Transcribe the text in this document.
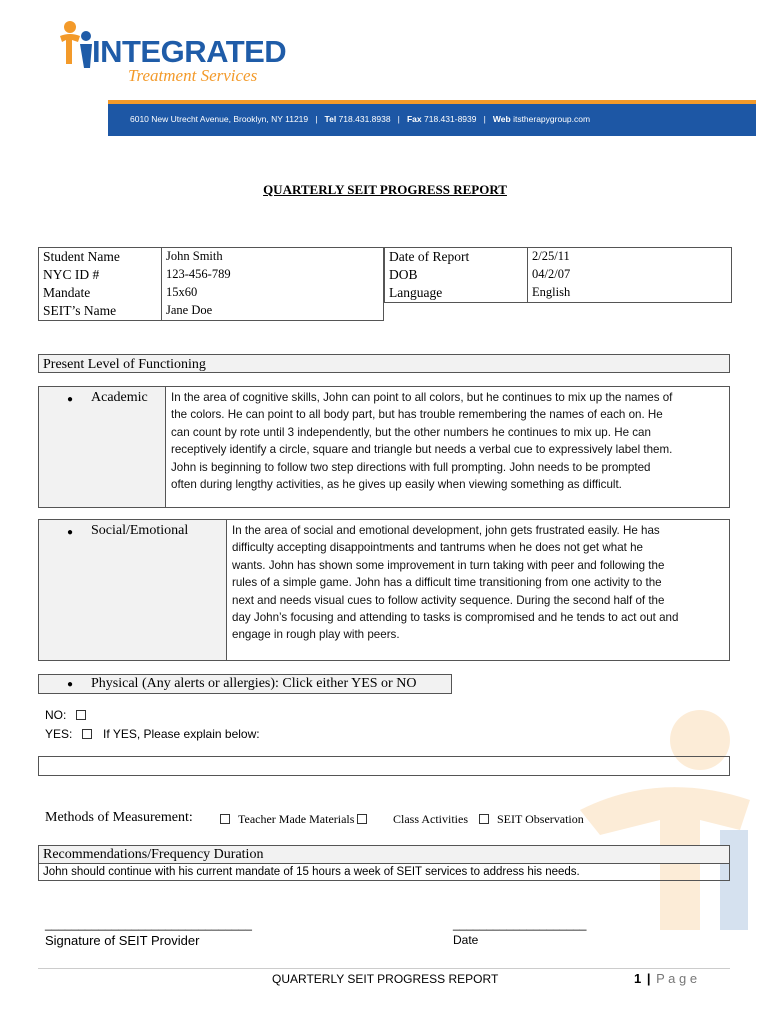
INTEGRATED
Treatment Services
6010 New Utrecht Avenue, Brooklyn, NY 11219 | Tel 718.431.8938 | Fax 718.431-8939 | Web itstherapygroup.com
QUARTERLY SEIT PROGRESS REPORT
Student Name	John Smith
NYC ID #	123-456-789
Mandate	15x60
SEIT’s Name	Jane Doe
Date of Report	2/25/11
DOB	04/2/07
Language	English
Present Level of Functioning
● Academic In the area of cognitive skills, John can point to all colors, but he continues to mix up the names of
the colors. He can point to all body part, but has trouble remembering the names of each on. He
can count by rote until 3 independently, but the other numbers he continues to mix up. He can
receptively identify a circle, square and triangle but needs a verbal cue to expressively label them.
John is beginning to follow two step directions with full prompting. John needs to be prompted
often during lengthy activities, as he gives up easily when viewing something as difficult.
● Social/Emotional	In the area of social and emotional development, john gets frustrated easily. He has
difficulty accepting disappointments and tantrums when he does not get what he
wants. John has shown some improvement in turn taking with peer and following the
rules of a simple game. John has a difficult time transitioning from one activity to the
next and needs visual cues to follow activity sequence. During the second half of the
day John’s focusing and attending to tasks is compromised and he tends to act out and
engage in rough play with peers.
● Physical (Any alerts or allergies): Click either YES or NO
NO:
YES:	If YES, Please explain below:
Methods of Measurement:	Teacher Made Materials	Class Activities SEIT Observation
Recommendations/Frequency Duration
John should continue with his current mandate of 15 hours a week of SEIT services to address his needs.
_______________________________
Signature of SEIT Provider
____________________
Date
QUARTERLY SEIT PROGRESS REPORT	1 | P a g e
